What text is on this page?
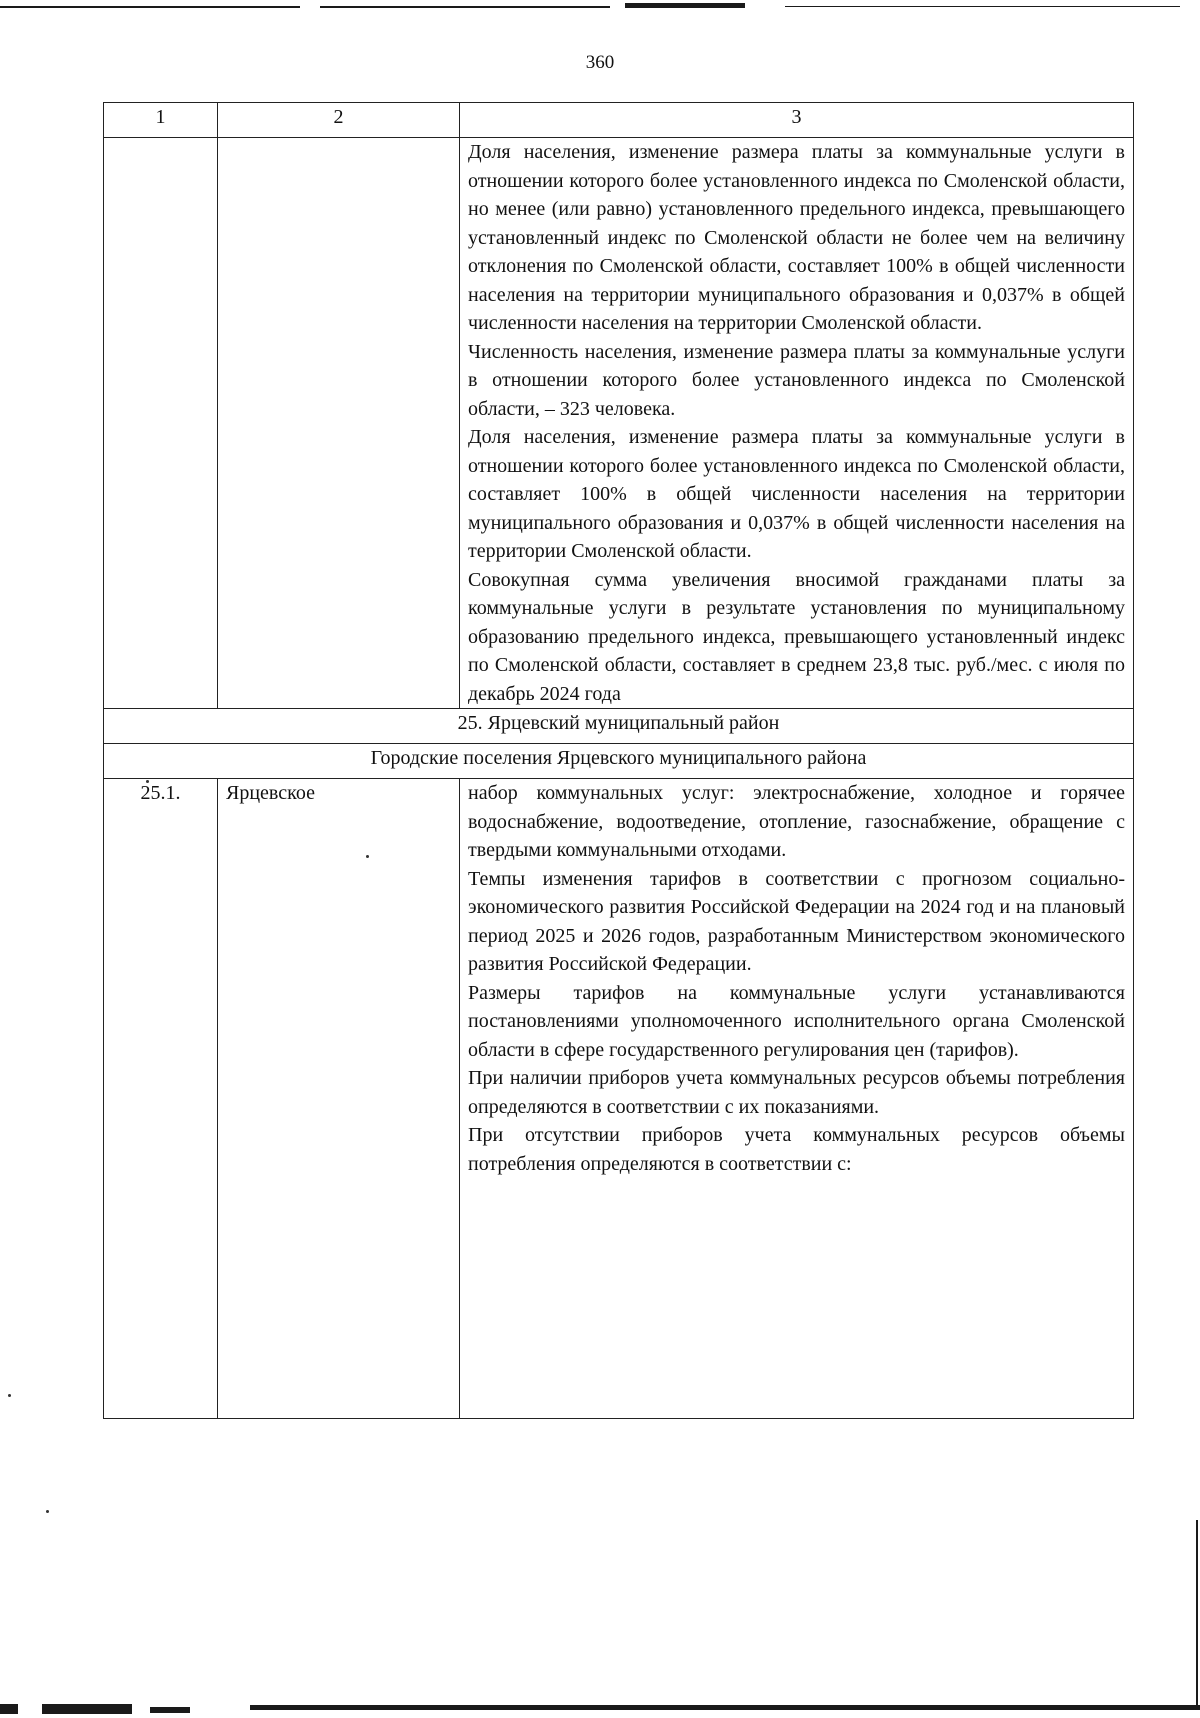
360
1	2	3

		Доля населения, изменение размера платы за коммунальные услуги в отношении которого более установленного индекса по Смоленской области, но менее (или равно) установленного предельного индекса, превышающего установленный индекс по Смоленской области не более чем на величину отклонения по Смоленской области, составляет 100% в общей численности населения на территории муниципального образования и 0,037% в общей численности населения на территории Смоленской области.

Численность населения, изменение размера платы за коммунальные услуги в отношении которого более установленного индекса по Смоленской области, – 323 человека.

Доля населения, изменение размера платы за коммунальные услуги в отношении которого более установленного индекса по Смоленской области, составляет 100% в общей численности населения на территории муниципального образования и 0,037% в общей численности населения на территории Смоленской области.

Совокупная сумма увеличения вносимой гражданами платы за коммунальные услуги в результате установления по муниципальному образованию предельного индекса, превышающего установленный индекс по Смоленской области, составляет в среднем 23,8 тыс. руб./мес. с июля по декабрь 2024 года

25. Ярцевский муниципальный район		
Городские поселения Ярцевского муниципального района		
25.1.	Ярцевское	набор коммунальных услуг: электроснабжение, холодное и горячее водоснабжение, водоотведение, отопление, газоснабжение, обращение с твердыми коммунальными отходами.

Темпы изменения тарифов в соответствии с прогнозом социально-экономического развития Российской Федерации на 2024 год и на плановый период 2025 и 2026 годов, разработанным Министерством экономического развития Российской Федерации.

Размеры тарифов на коммунальные услуги устанавливаются постановлениями уполномоченного исполнительного органа Смоленской области в сфере государственного регулирования цен (тарифов).

При наличии приборов учета коммунальных ресурсов объемы потребления определяются в соответствии с их показаниями.

При отсутствии приборов учета коммунальных ресурсов объемы потребления определяются в соответствии с:
